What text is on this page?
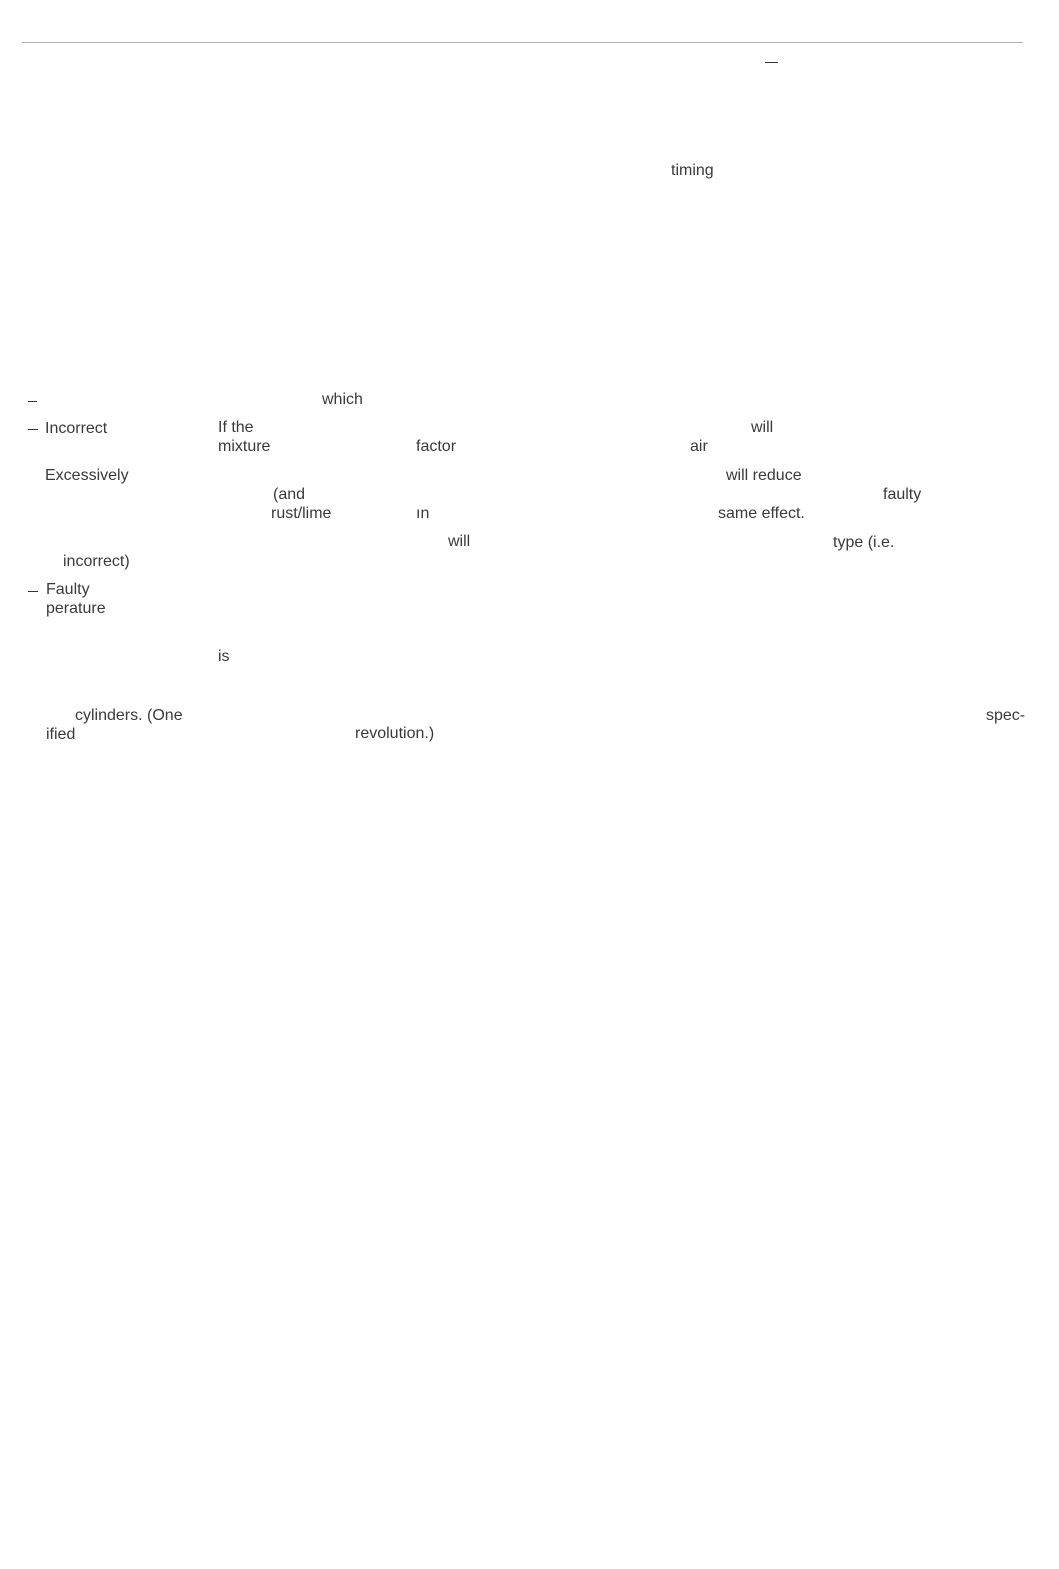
timing
which
Incorrect	If the	will
mixture	factor	air
Excessively	will reduce
(and	faulty
rust/lime	ın	same effect.
will	type (i.e.
incorrect)
Faulty
perature
is
cylinders. (One	spec-
ified	revolution.)
